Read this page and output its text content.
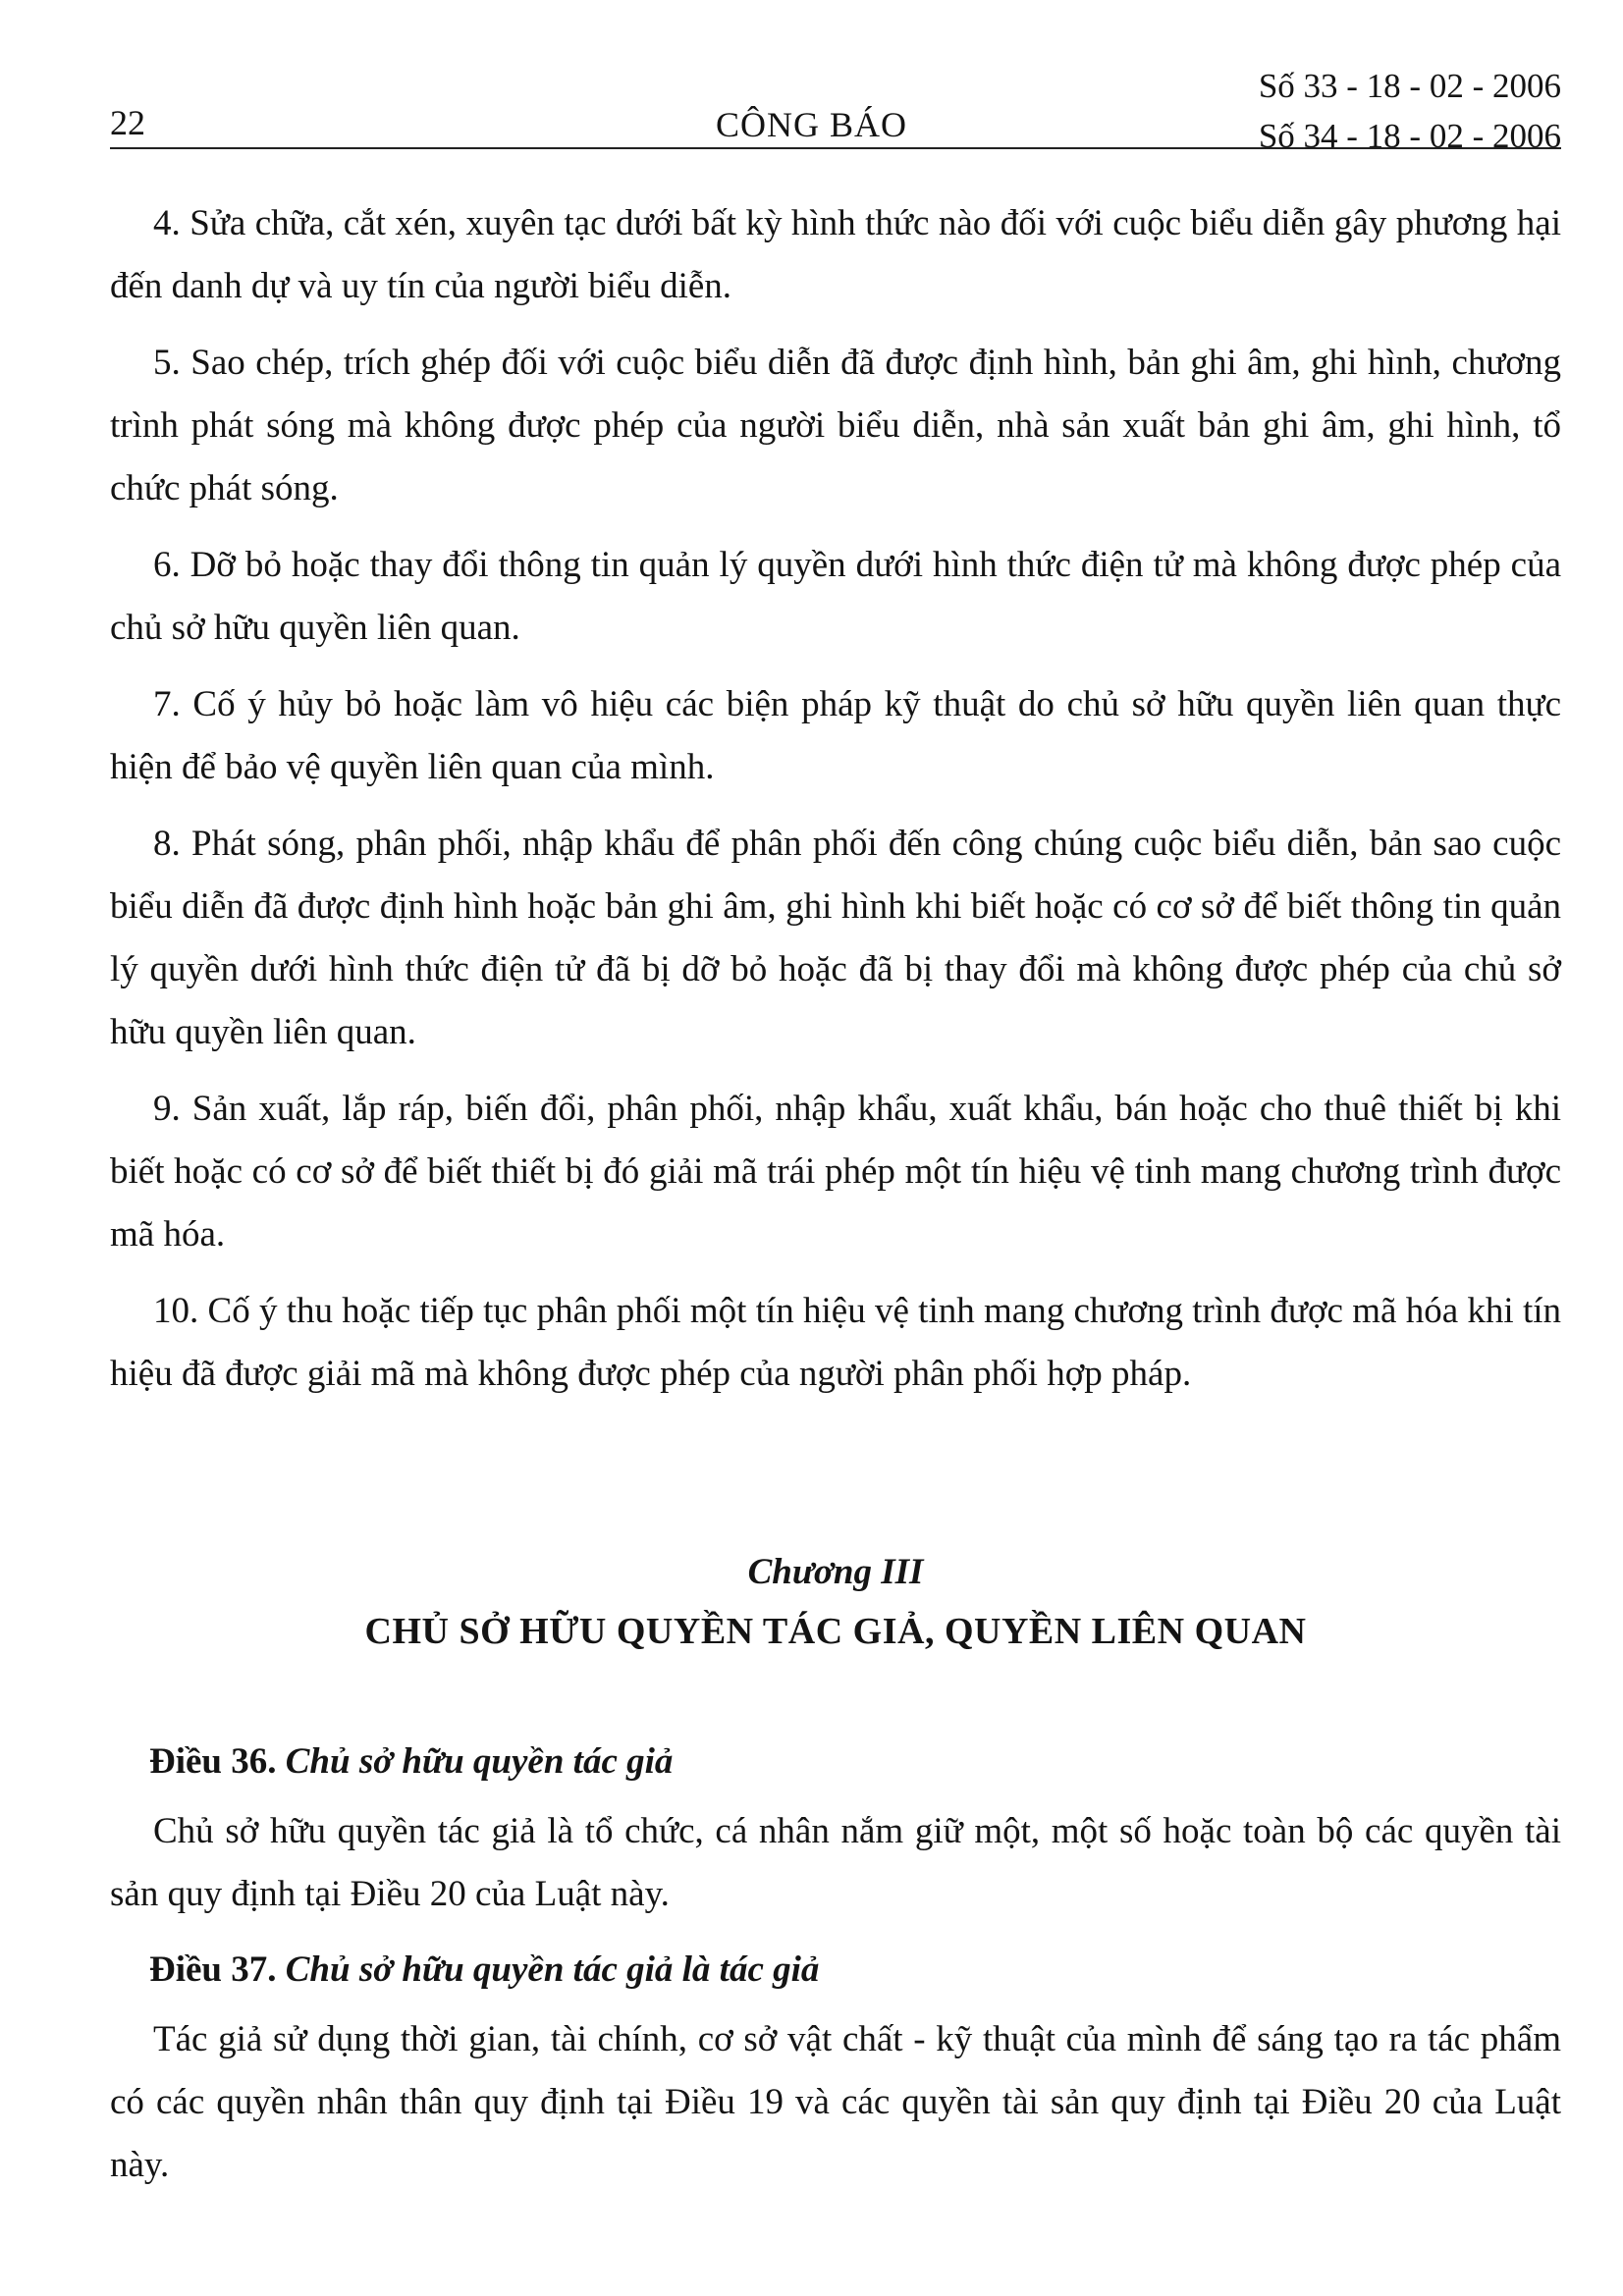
22	CÔNG BÁO
Số 33 - 18 - 02 - 2006
Số 34 - 18 - 02 - 2006

4. Sửa chữa, cắt xén, xuyên tạc dưới bất kỳ hình thức nào đối với cuộc biểu diễn gây phương hại đến danh dự và uy tín của người biểu diễn.

5. Sao chép, trích ghép đối với cuộc biểu diễn đã được định hình, bản ghi âm, ghi hình, chương trình phát sóng mà không được phép của người biểu diễn, nhà sản xuất bản ghi âm, ghi hình, tổ chức phát sóng.

6. Dỡ bỏ hoặc thay đổi thông tin quản lý quyền dưới hình thức điện tử mà không được phép của chủ sở hữu quyền liên quan.

7. Cố ý hủy bỏ hoặc làm vô hiệu các biện pháp kỹ thuật do chủ sở hữu quyền liên quan thực hiện để bảo vệ quyền liên quan của mình.

8. Phát sóng, phân phối, nhập khẩu để phân phối đến công chúng cuộc biểu diễn, bản sao cuộc biểu diễn đã được định hình hoặc bản ghi âm, ghi hình khi biết hoặc có cơ sở để biết thông tin quản lý quyền dưới hình thức điện tử đã bị dỡ bỏ hoặc đã bị thay đổi mà không được phép của chủ sở hữu quyền liên quan.

9. Sản xuất, lắp ráp, biến đổi, phân phối, nhập khẩu, xuất khẩu, bán hoặc cho thuê thiết bị khi biết hoặc có cơ sở để biết thiết bị đó giải mã trái phép một tín hiệu vệ tinh mang chương trình được mã hóa.

10. Cố ý thu hoặc tiếp tục phân phối một tín hiệu vệ tinh mang chương trình được mã hóa khi tín hiệu đã được giải mã mà không được phép của người phân phối hợp pháp.

Chương III

CHỦ SỞ HỮU QUYỀN TÁC GIẢ, QUYỀN LIÊN QUAN

Điều 36. Chủ sở hữu quyền tác giả

Chủ sở hữu quyền tác giả là tổ chức, cá nhân nắm giữ một, một số hoặc toàn bộ các quyền tài sản quy định tại Điều 20 của Luật này.

Điều 37. Chủ sở hữu quyền tác giả là tác giả

Tác giả sử dụng thời gian, tài chính, cơ sở vật chất - kỹ thuật của mình để sáng tạo ra tác phẩm có các quyền nhân thân quy định tại Điều 19 và các quyền tài sản quy định tại Điều 20 của Luật này.
